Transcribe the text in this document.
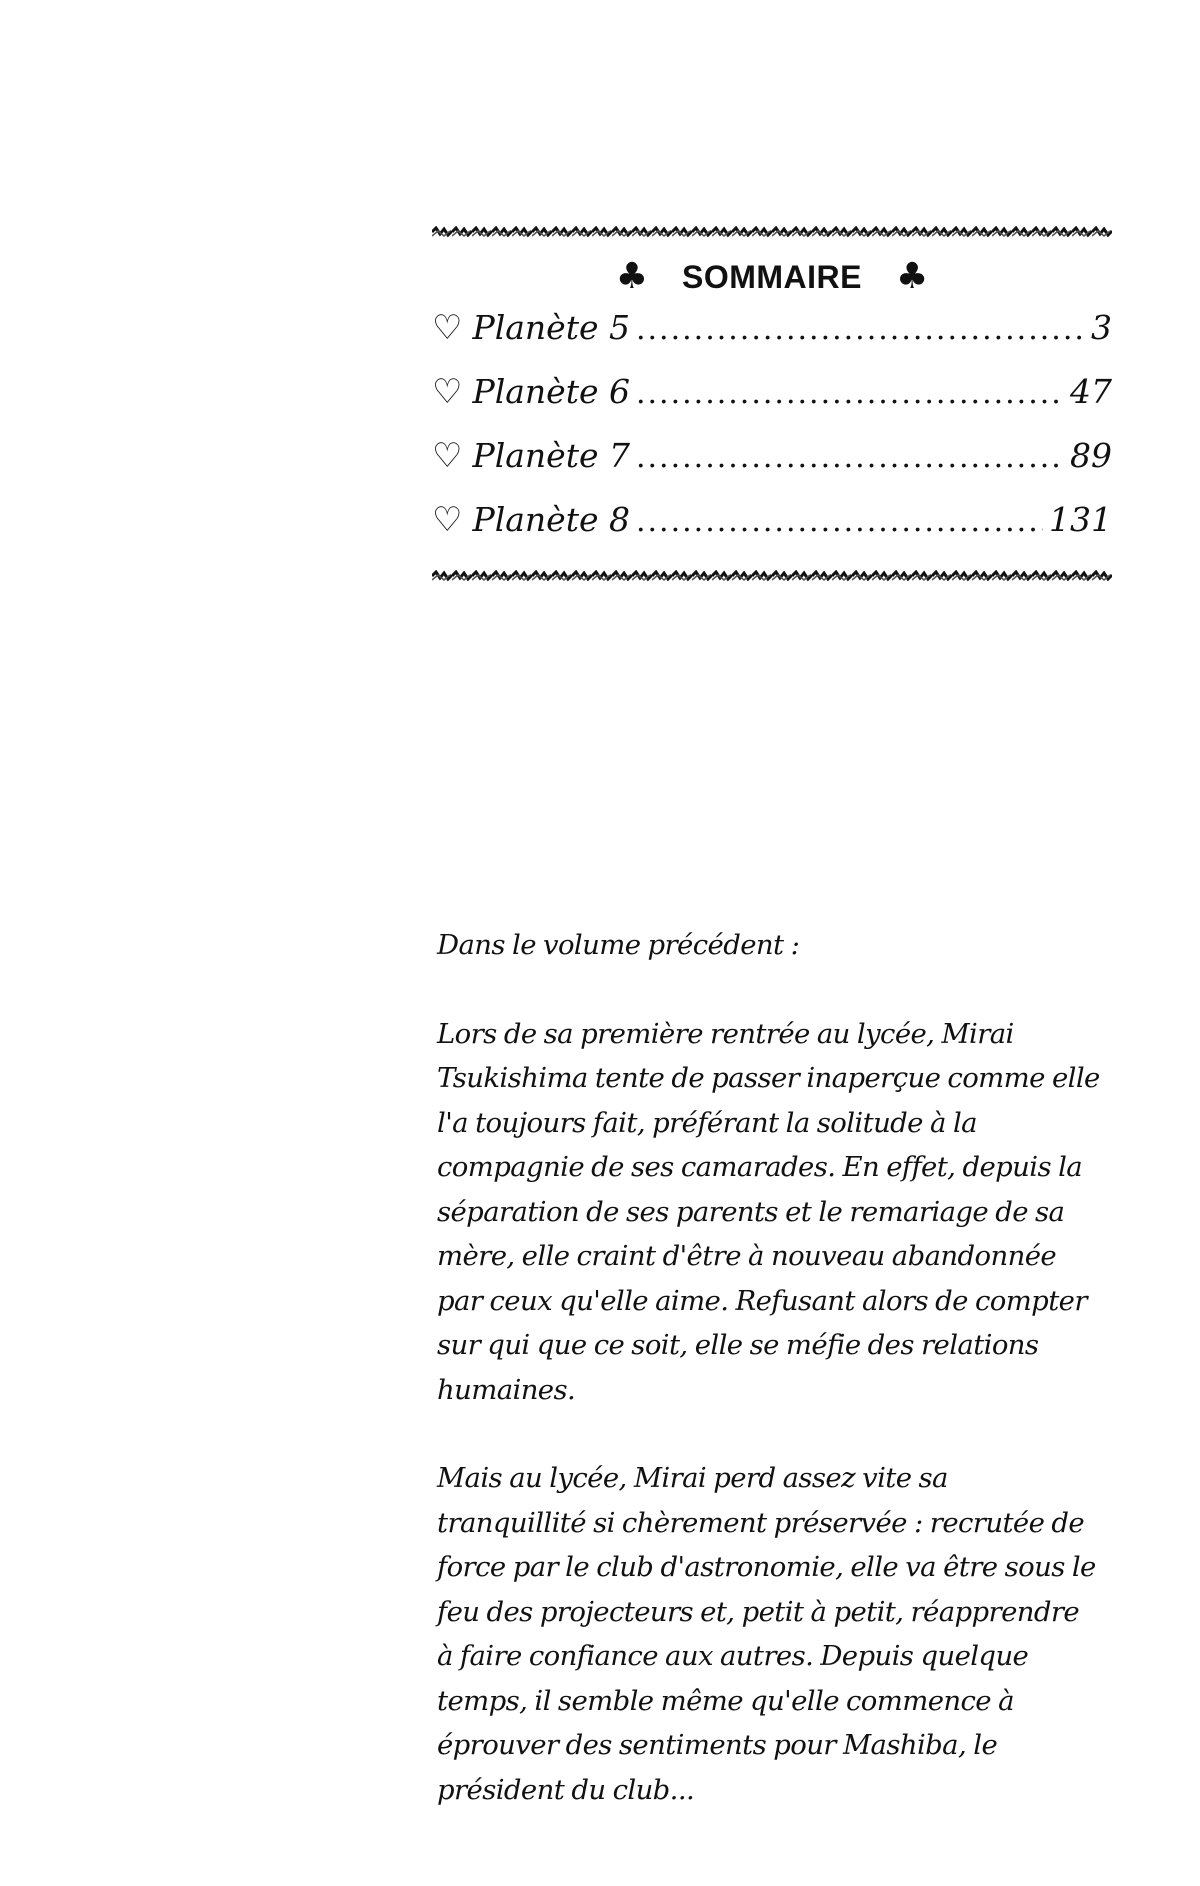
♣ SOMMAIRE ♣
♡ Planète 5 .....	3
♡ Planète 6 .....	47
♡ Planète 7 .....	89
♡ Planète 8 .....	131

Dans le volume précédent :

Lors de sa première rentrée au lycée, Mirai Tsukishima tente de passer inaperçue comme elle l'a toujours fait, préférant la solitude à la compagnie de ses camarades. En effet, depuis la séparation de ses parents et le remariage de sa mère, elle craint d'être à nouveau abandonnée par ceux qu'elle aime. Refusant alors de compter sur qui que ce soit, elle se méfie des relations humaines.

Mais au lycée, Mirai perd assez vite sa tranquillité si chèrement préservée : recrutée de force par le club d'astronomie, elle va être sous le feu des projecteurs et, petit à petit, réapprendre à faire confiance aux autres. Depuis quelque temps, il semble même qu'elle commence à éprouver des sentiments pour Mashiba, le président du club...
